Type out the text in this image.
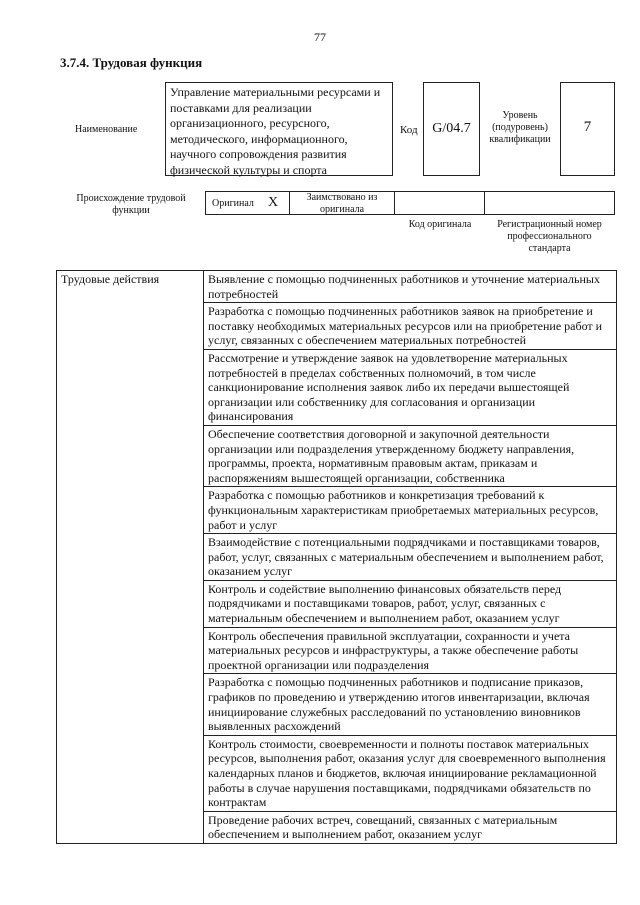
77
3.7.4. Трудовая функция
Наименование
Управление материальными ресурсами и поставками для реализации организационного, ресурсного, методического, информационного, научного сопровождения развития физической культуры и спорта
Код	G/04.7
Уровень (подуровень) квалификации
7
Происхождение трудовой функции
Оригинал X	Заимствовано из оригинала
Код оригинала	Регистрационный номер профессионального стандарта
Трудовые действия	Выявление с помощью подчиненных работников и уточнение материальных потребностей
Разработка с помощью подчиненных работников заявок на приобретение и поставку необходимых материальных ресурсов или на приобретение работ и услуг, связанных с обеспечением материальных потребностей
Рассмотрение и утверждение заявок на удовлетворение материальных потребностей в пределах собственных полномочий, в том числе санкционирование исполнения заявок либо их передачи вышестоящей организации или собственнику для согласования и организации финансирования
Обеспечение соответствия договорной и закупочной деятельности организации или подразделения утвержденному бюджету направления, программы, проекта, нормативным правовым актам, приказам и распоряжениям вышестоящей организации, собственника
Разработка с помощью работников и конкретизация требований к функциональным характеристикам приобретаемых материальных ресурсов, работ и услуг
Взаимодействие с потенциальными подрядчиками и поставщиками товаров, работ, услуг, связанных с материальным обеспечением и выполнением работ, оказанием услуг
Контроль и содействие выполнению финансовых обязательств перед подрядчиками и поставщиками товаров, работ, услуг, связанных с материальным обеспечением и выполнением работ, оказанием услуг
Контроль обеспечения правильной эксплуатации, сохранности и учета материальных ресурсов и инфраструктуры, а также обеспечение работы проектной организации или подразделения
Разработка с помощью подчиненных работников и подписание приказов, графиков по проведению и утверждению итогов инвентаризации, включая инициирование служебных расследований по установлению виновников выявленных расхождений
Контроль стоимости, своевременности и полноты поставок материальных ресурсов, выполнения работ, оказания услуг для своевременного выполнения календарных планов и бюджетов, включая инициирование рекламационной работы в случае нарушения поставщиками, подрядчиками обязательств по контрактам
Проведение рабочих встреч, совещаний, связанных с материальным обеспечением и выполнением работ, оказанием услуг
